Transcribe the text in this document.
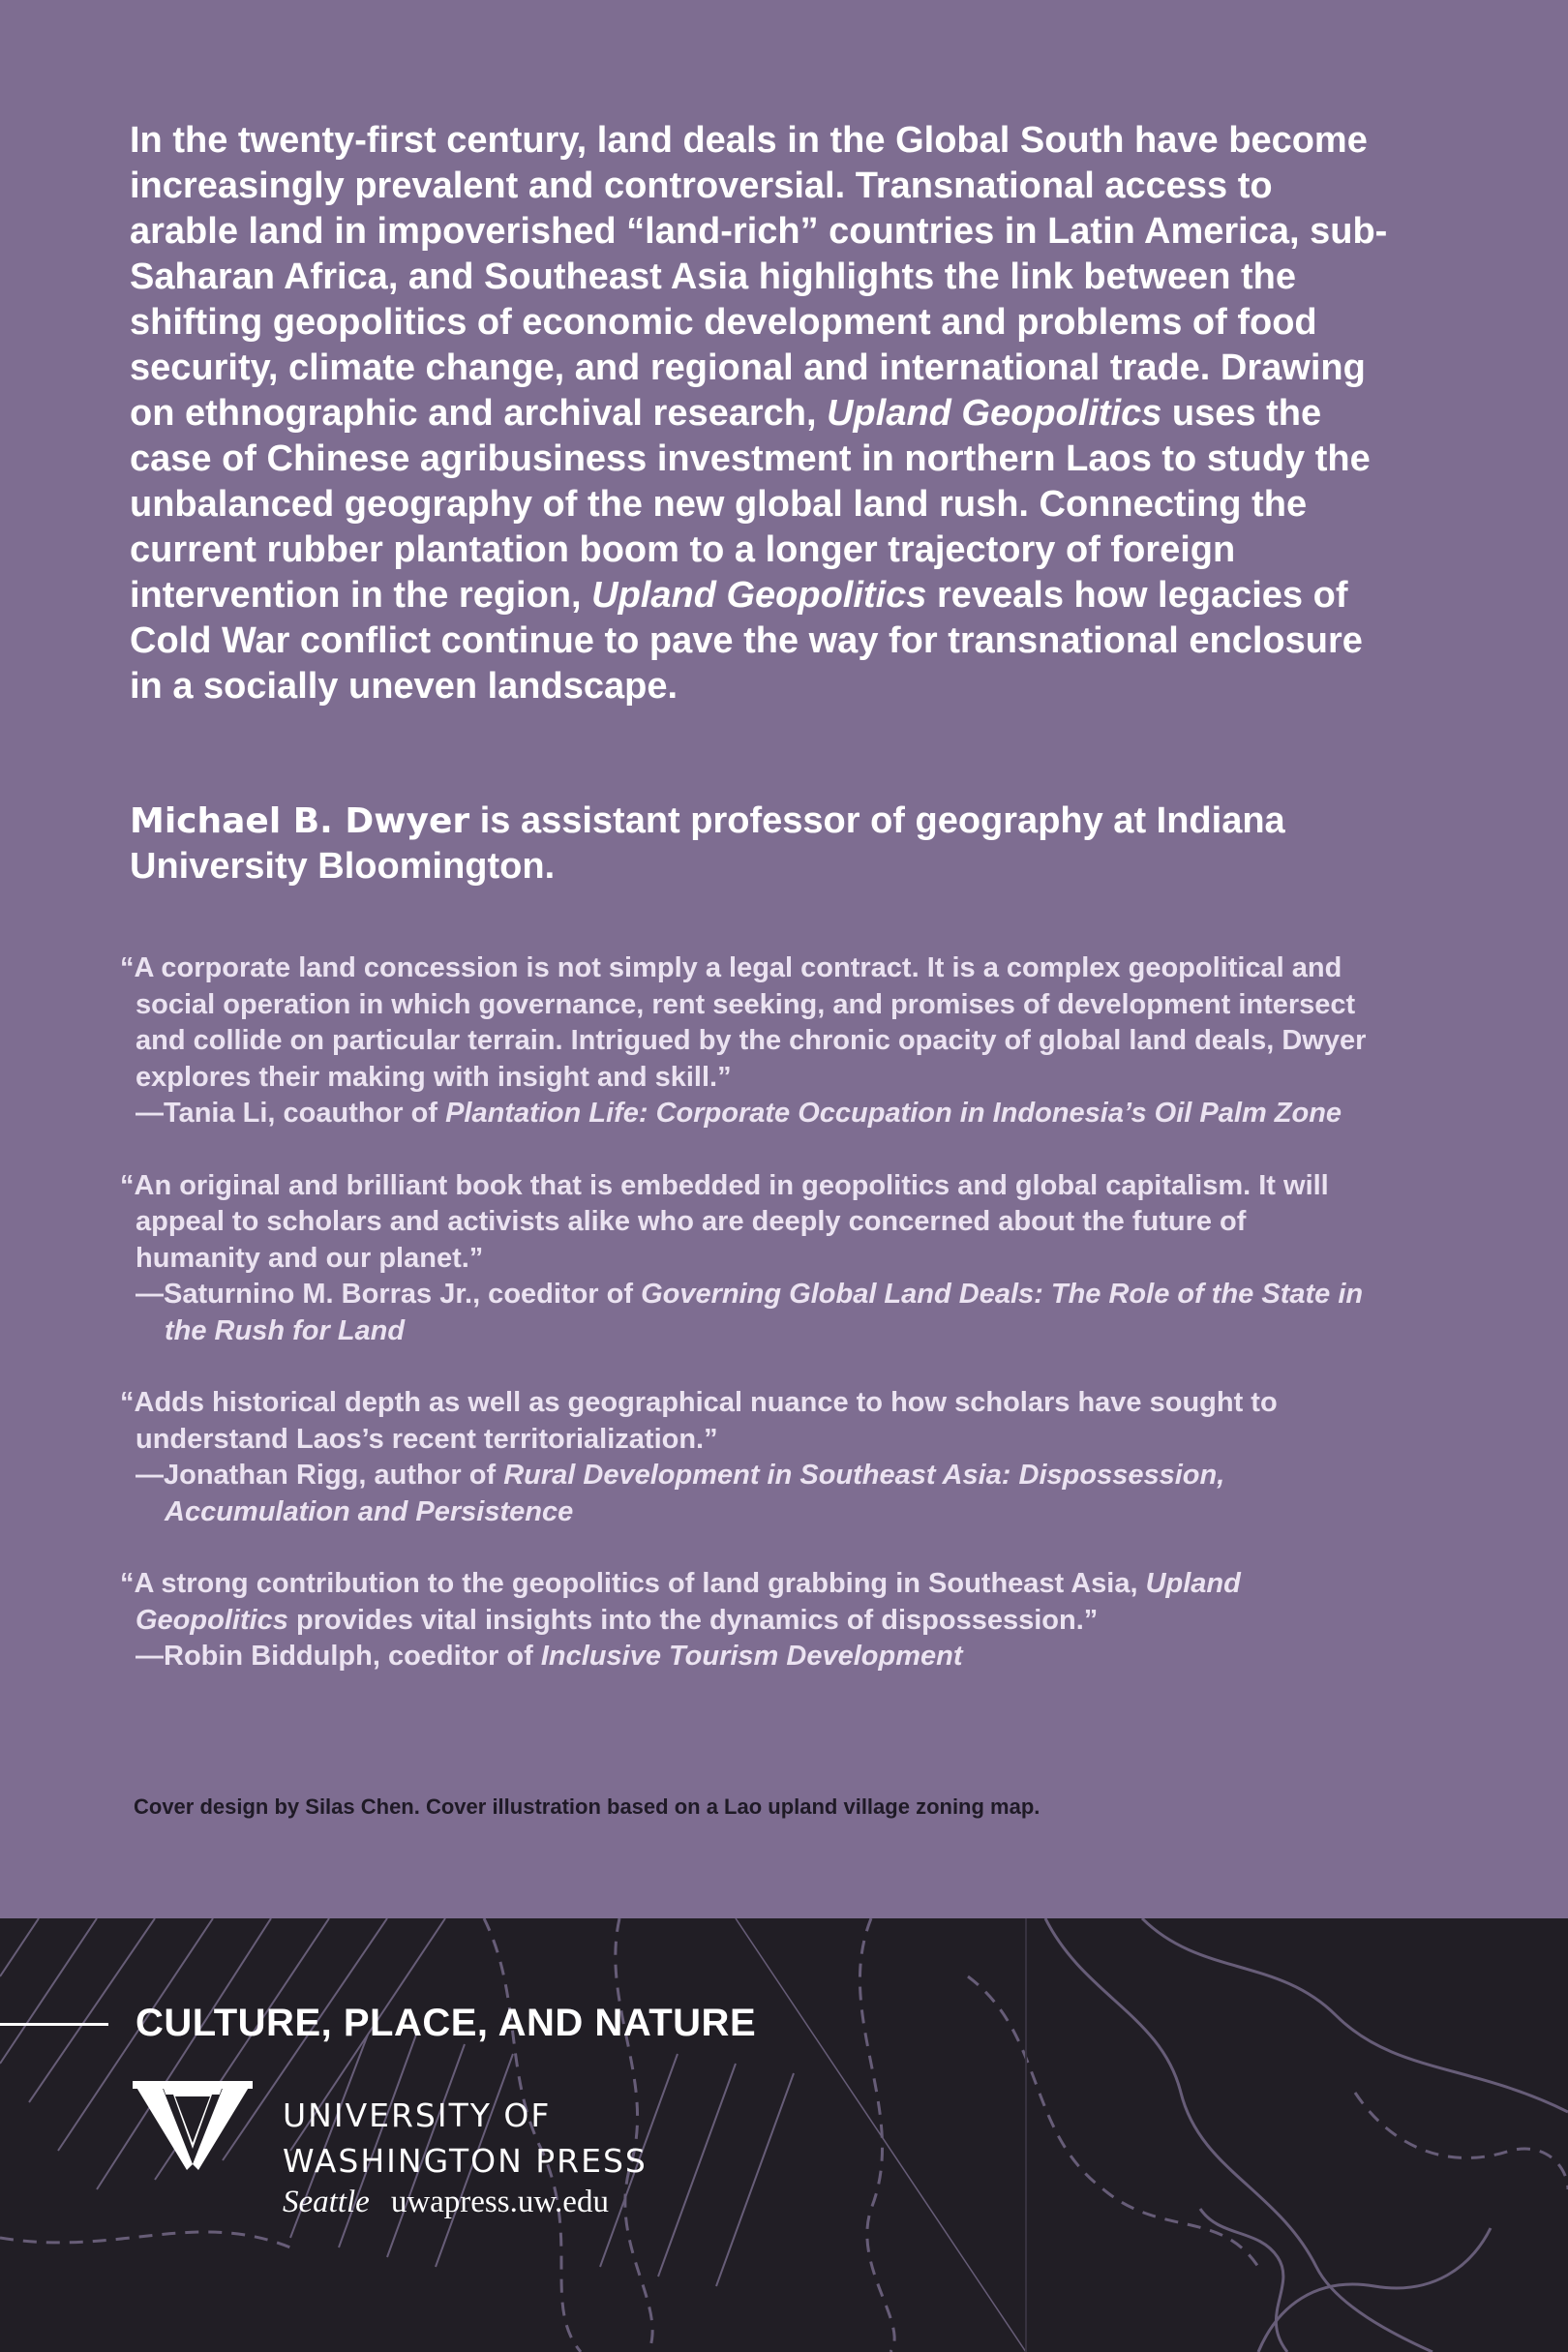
In the twenty-first century, land deals in the Global South have become increasingly prevalent and controversial. Transnational access to arable land in impoverished “land-rich” countries in Latin America, sub-Saharan Africa, and Southeast Asia highlights the link between the shifting geopolitics of economic development and problems of food security, climate change, and regional and international trade. Drawing on ethnographic and archival research, Upland Geopolitics uses the case of Chinese agribusiness investment in northern Laos to study the unbalanced geography of the new global land rush. Connecting the current rubber plantation boom to a longer trajectory of foreign intervention in the region, Upland Geopolitics reveals how legacies of Cold War conflict continue to pave the way for transnational enclosure in a socially uneven landscape.

Michael B. Dwyer is assistant professor of geography at Indiana University Bloomington.

“A corporate land concession is not simply a legal contract. It is a complex geopolitical and social operation in which governance, rent seeking, and promises of development intersect and collide on particular terrain. Intrigued by the chronic opacity of global land deals, Dwyer explores their making with insight and skill.”
—Tania Li, coauthor of Plantation Life: Corporate Occupation in Indonesia’s Oil Palm Zone
“An original and brilliant book that is embedded in geopolitics and global capitalism. It will appeal to scholars and activists alike who are deeply concerned about the future of humanity and our planet.”
—Saturnino M. Borras Jr., coeditor of Governing Global Land Deals: The Role of the State in the Rush for Land
“Adds historical depth as well as geographical nuance to how scholars have sought to understand Laos’s recent territorialization.”
—Jonathan Rigg, author of Rural Development in Southeast Asia: Dispossession, Accumulation and Persistence
“A strong contribution to the geopolitics of land grabbing in Southeast Asia, Upland Geopolitics provides vital insights into the dynamics of dispossession.”
—Robin Biddulph, coeditor of Inclusive Tourism Development
Cover design by Silas Chen. Cover illustration based on a Lao upland village zoning map.
CULTURE, PLACE, AND NATURE
UNIVERSITY OF
WASHINGTON PRESS
Seattle uwapress.uw.edu
